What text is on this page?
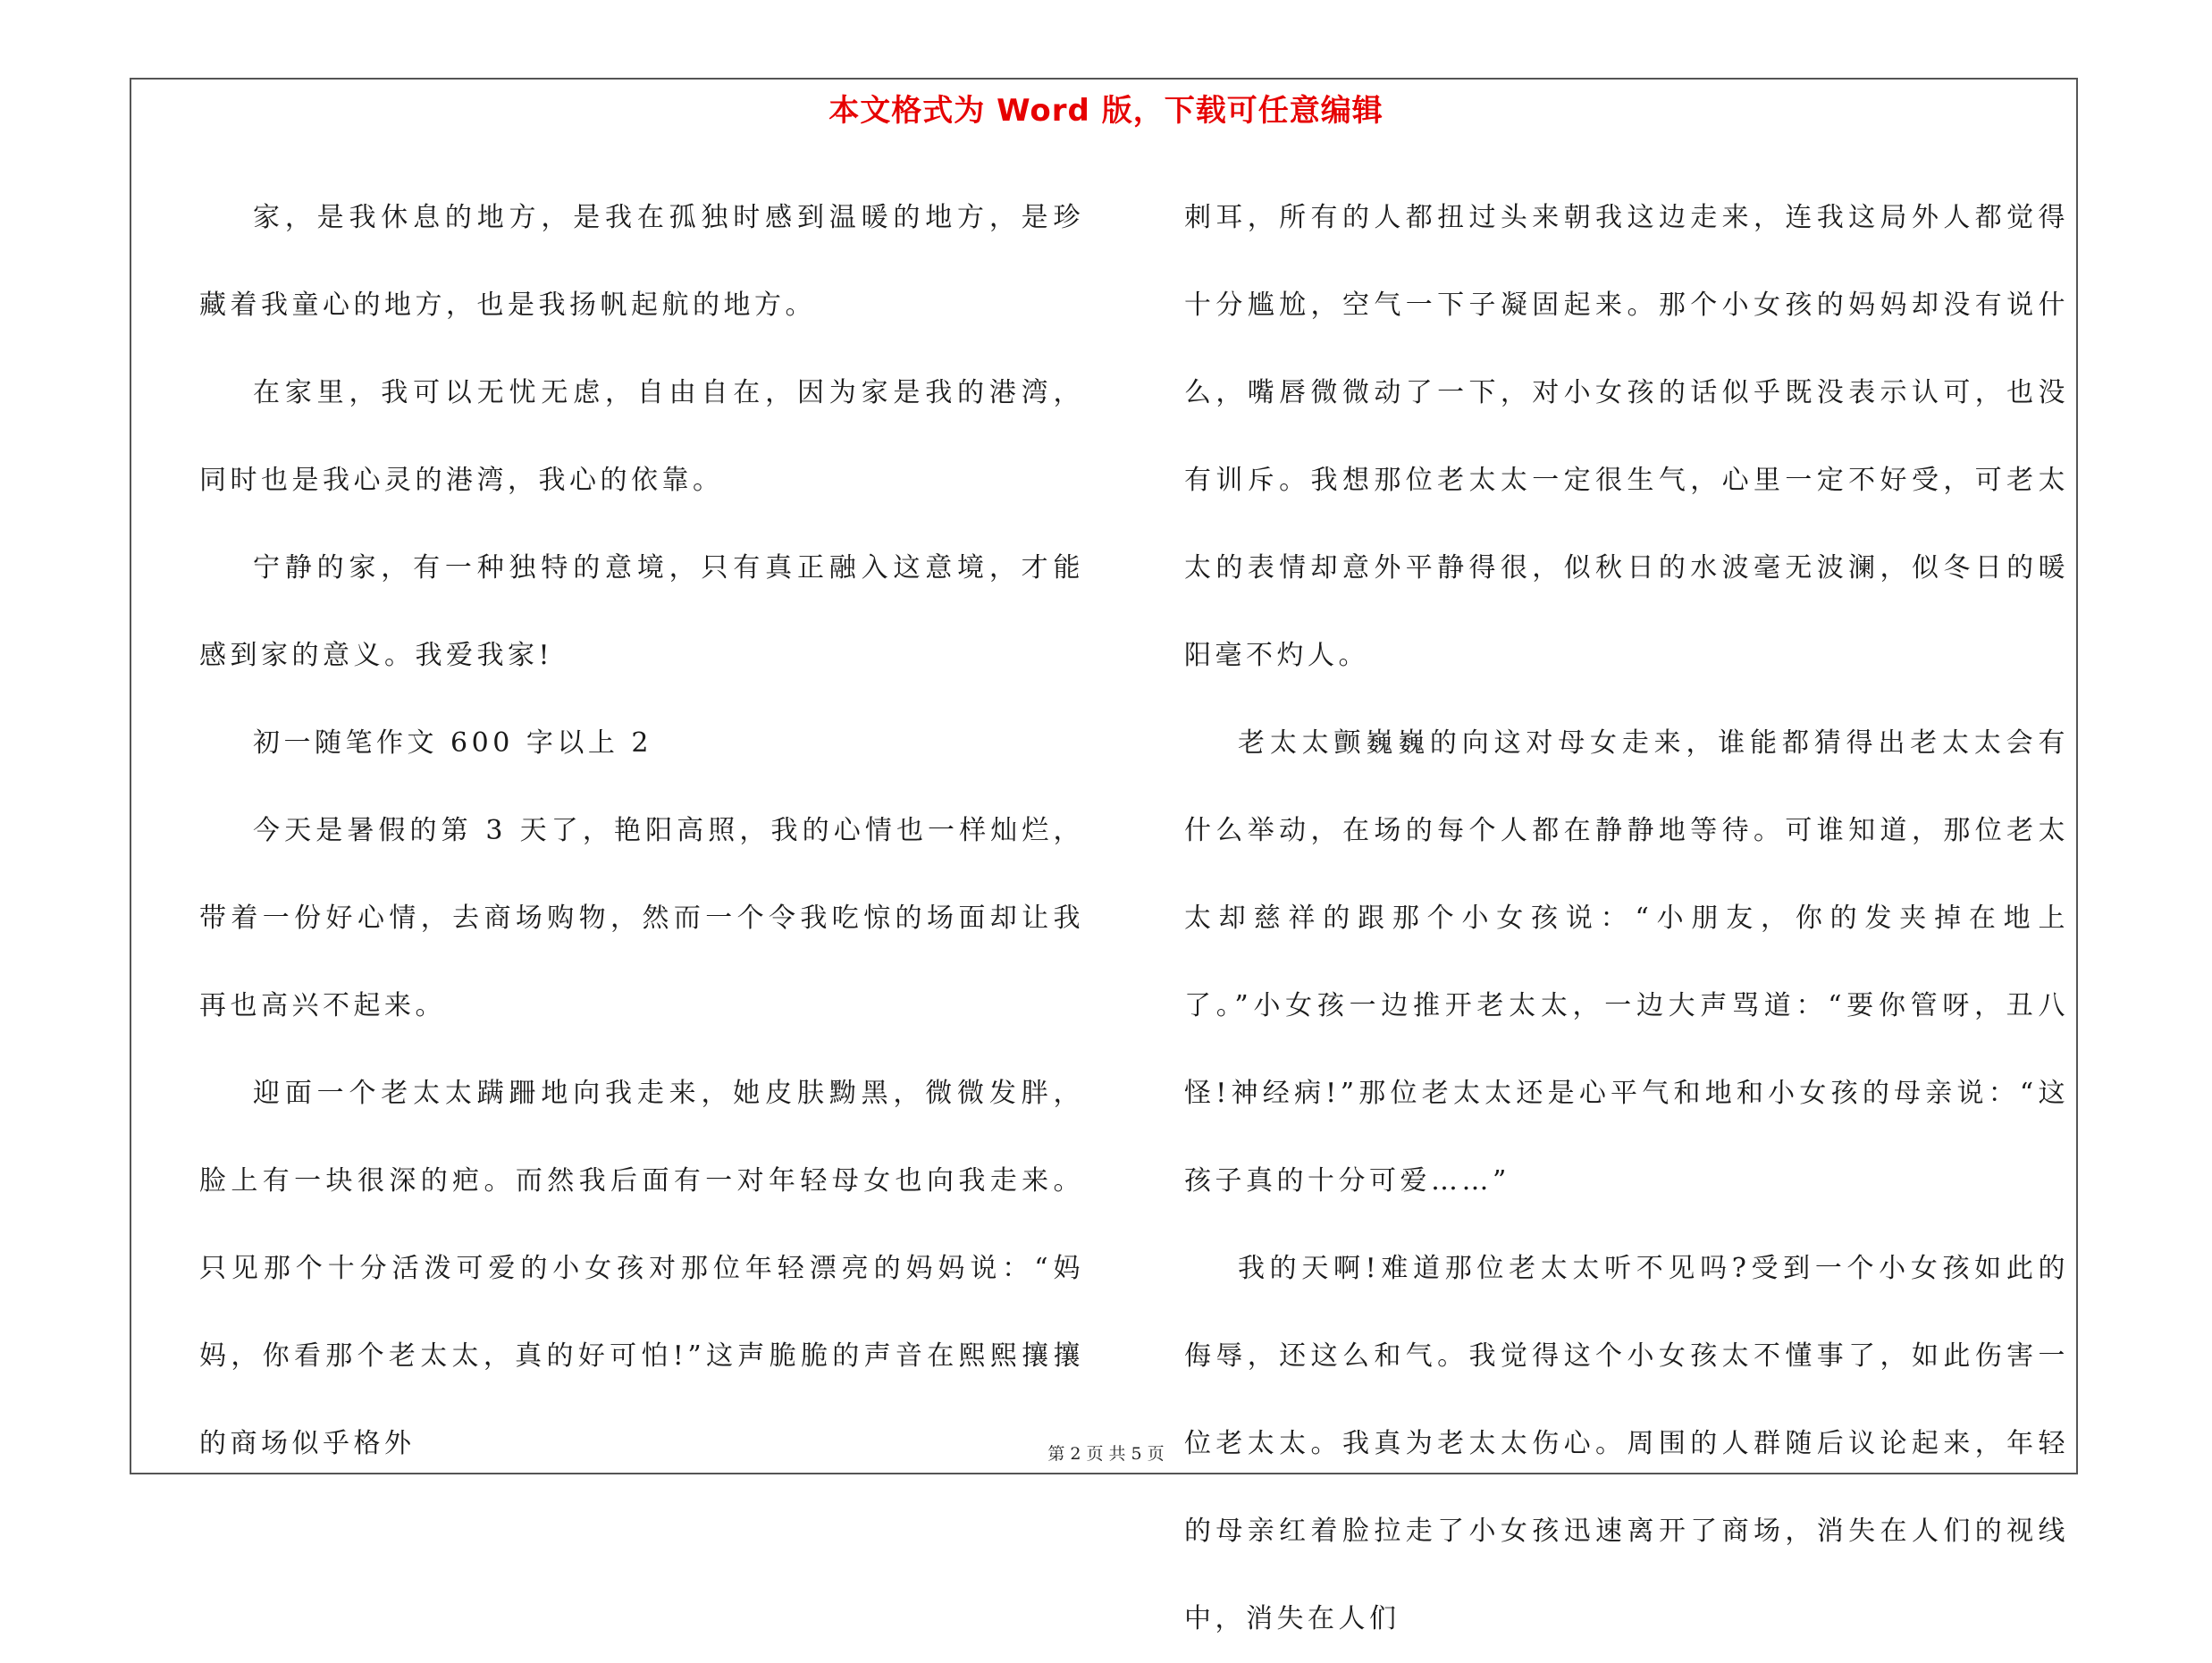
本文格式为 Word 版，下载可任意编辑

家，是我休息的地方，是我在孤独时感到温暖的地方，是珍藏着我童心的地方，也是我扬帆起航的地方。

在家里，我可以无忧无虑，自由自在，因为家是我的港湾，同时也是我心灵的港湾，我心的依靠。

宁静的家，有一种独特的意境，只有真正融入这意境，才能感到家的意义。我爱我家!

初一随笔作文 600 字以上 2

今天是暑假的第 3 天了，艳阳高照，我的心情也一样灿烂，带着一份好心情，去商场购物，然而一个令我吃惊的场面却让我再也高兴不起来。

迎面一个老太太蹒跚地向我走来，她皮肤黝黑，微微发胖，脸上有一块很深的疤。而然我后面有一对年轻母女也向我走来。只见那个十分活泼可爱的小女孩对那位年轻漂亮的妈妈说：“妈妈，你看那个老太太，真的好可怕!”这声脆脆的声音在熙熙攘攘的商场似乎格外

刺耳，所有的人都扭过头来朝我这边走来，连我这局外人都觉得十分尴尬，空气一下子凝固起来。那个小女孩的妈妈却没有说什么，嘴唇微微动了一下，对小女孩的话似乎既没表示认可，也没有训斥。我想那位老太太一定很生气，心里一定不好受，可老太太的表情却意外平静得很，似秋日的水波毫无波澜，似冬日的暖阳毫不灼人。

老太太颤巍巍的向这对母女走来，谁能都猜得出老太太会有什么举动，在场的每个人都在静静地等待。可谁知道，那位老太太却慈祥的跟那个小女孩说：“小朋友，你的发夹掉在地上了。”小女孩一边推开老太太，一边大声骂道：“要你管呀，丑八怪!神经病!”那位老太太还是心平气和地和小女孩的母亲说：“这孩子真的十分可爱……”

我的天啊!难道那位老太太听不见吗?受到一个小女孩如此的侮辱，还这么和气。我觉得这个小女孩太不懂事了，如此伤害一位老太太。我真为老太太伤心。周围的人群随后议论起来，年轻的母亲红着脸拉走了小女孩迅速离开了商场，消失在人们的视线中，消失在人们

第 2 页 共 5 页
